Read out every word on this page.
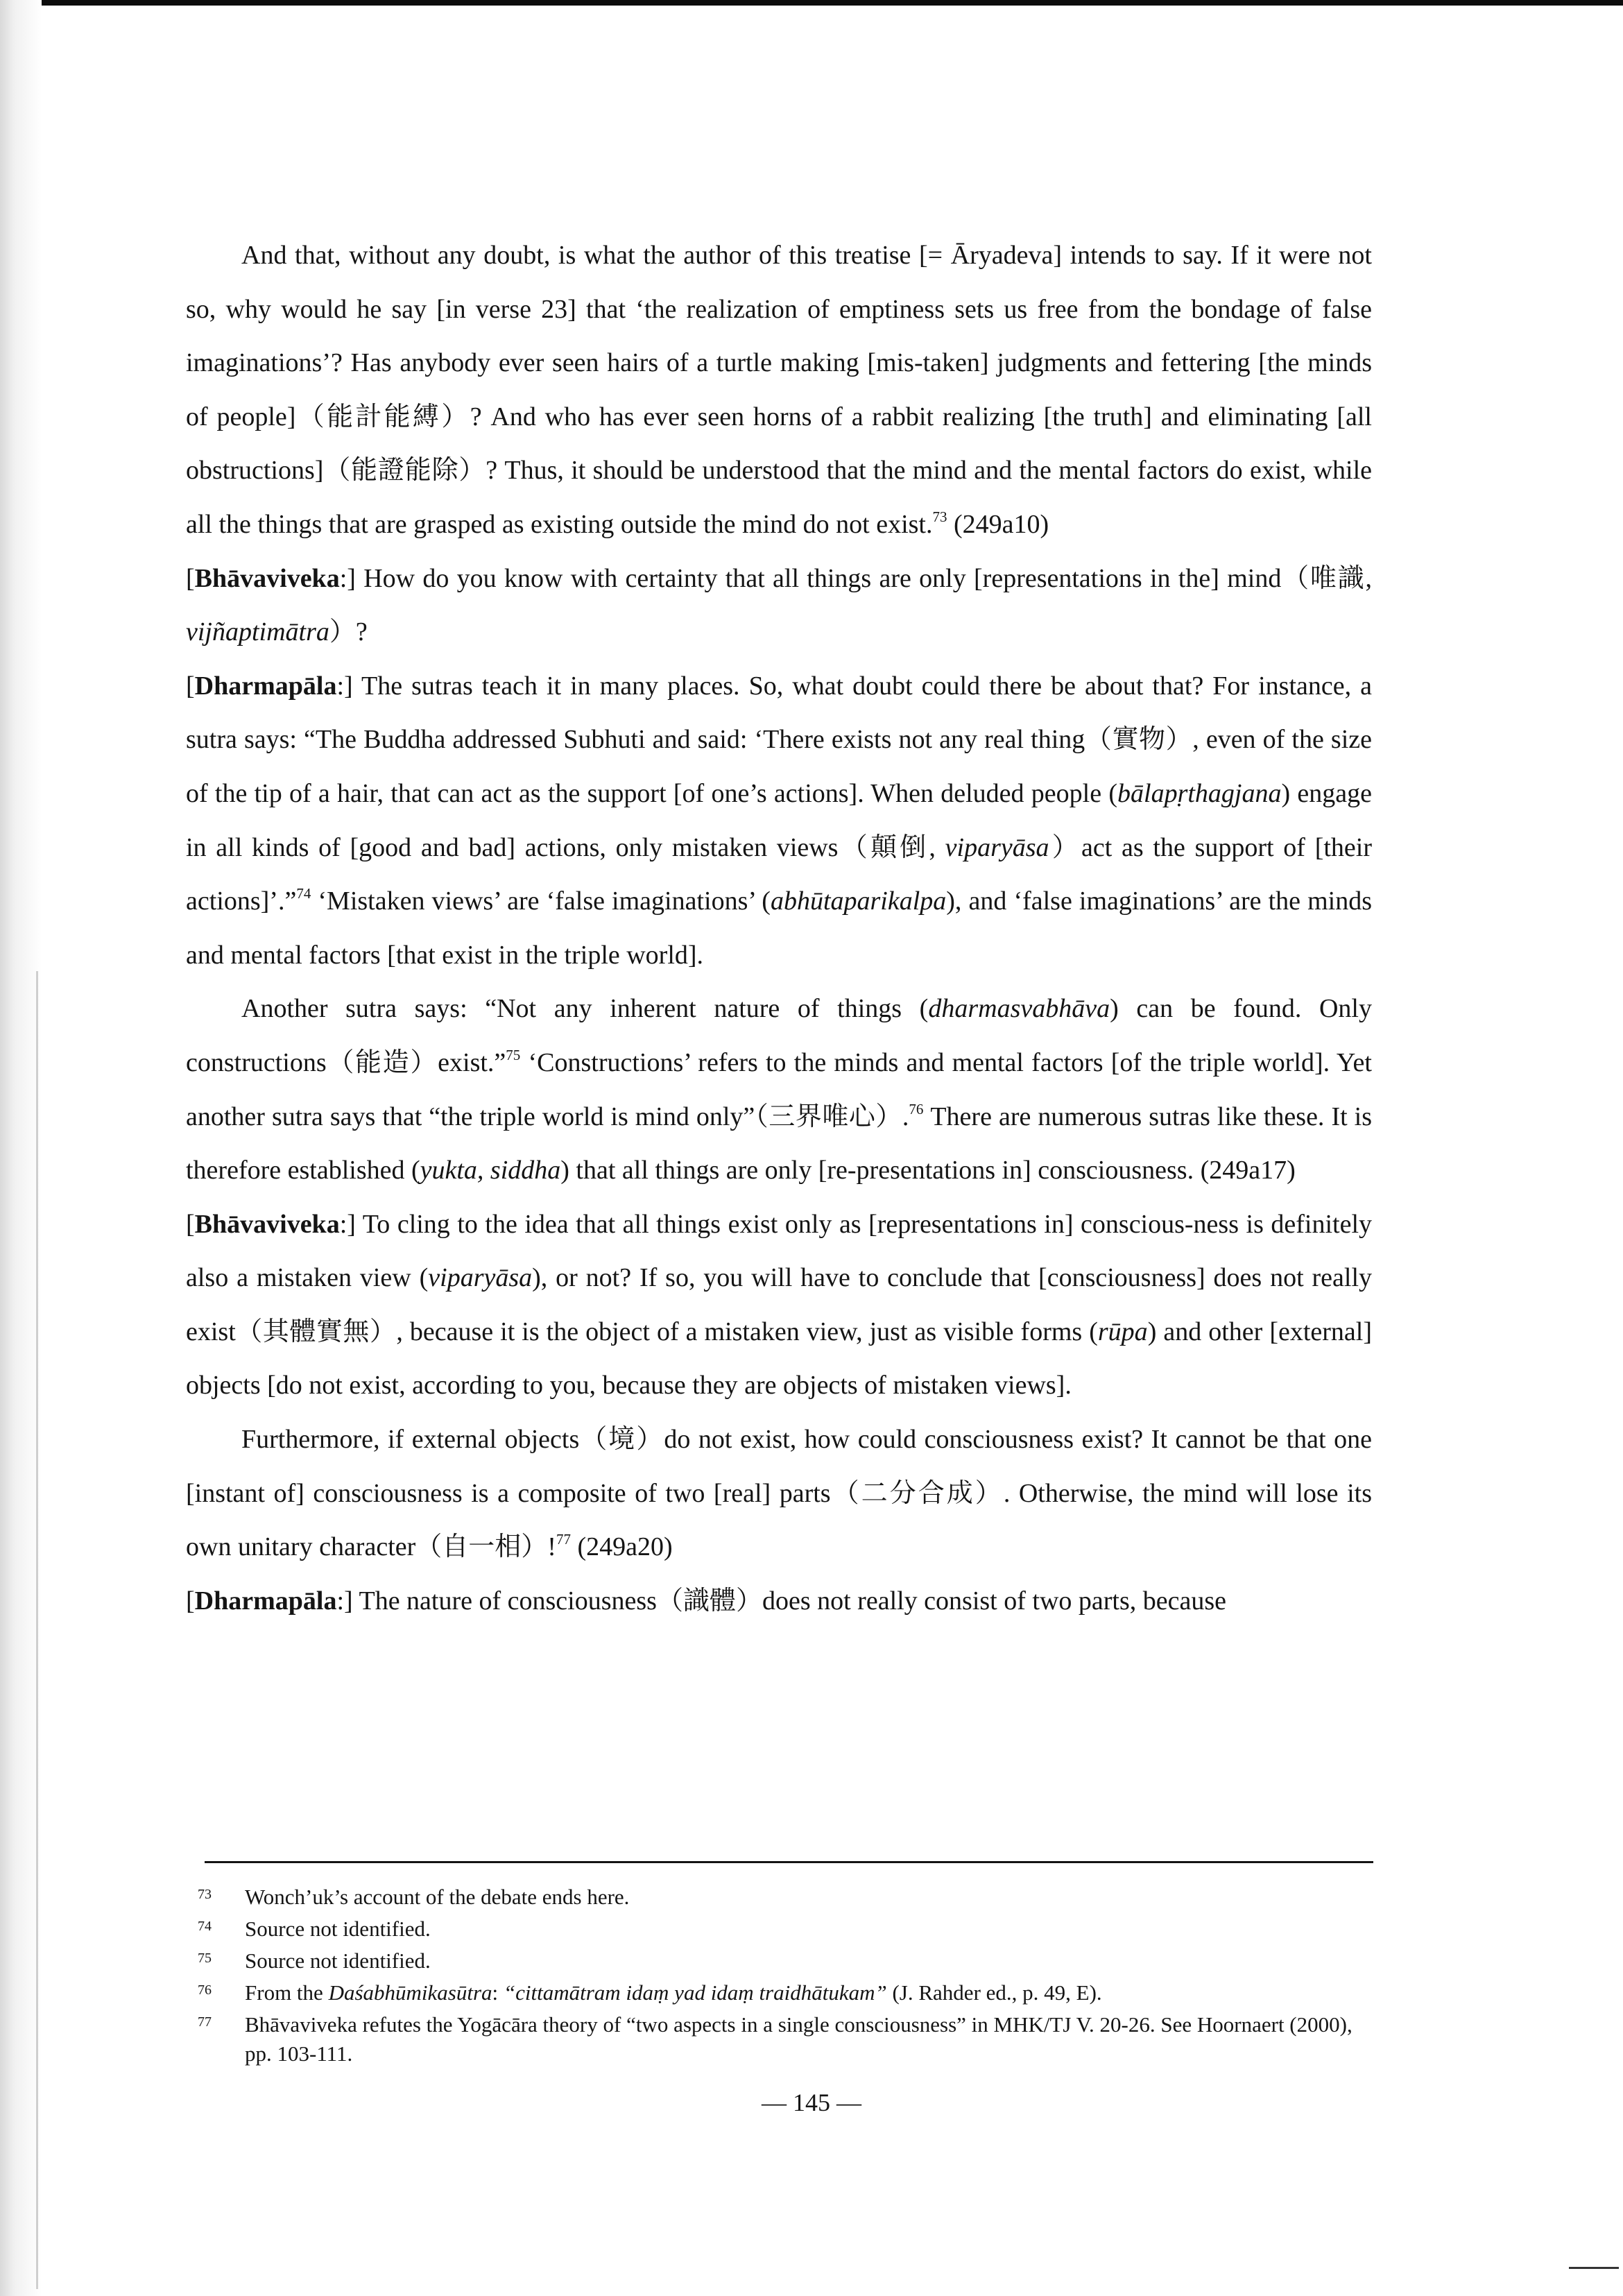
And that, without any doubt, is what the author of this treatise [= Āryadeva] intends to say. If it were not so, why would he say [in verse 23] that ‘the realization of emptiness sets us free from the bondage of false imaginations’? Has anybody ever seen hairs of a turtle making [mis-taken] judgments and fettering [the minds of people]（能計能縛）? And who has ever seen horns of a rabbit realizing [the truth] and eliminating [all obstructions]（能證能除）? Thus, it should be understood that the mind and the mental factors do exist, while all the things that are grasped as existing outside the mind do not exist.$^{73}$ (249a10)

[Bhāvaviveka:] How do you know with certainty that all things are only [representations in the] mind（唯識, vijñaptimātra）?

[Dharmapāla:] The sutras teach it in many places. So, what doubt could there be about that? For instance, a sutra says: “The Buddha addressed Subhuti and said: ‘There exists not any real thing（實物）, even of the size of the tip of a hair, that can act as the support [of one’s actions]. When deluded people (bālapṛthagjana) engage in all kinds of [good and bad] actions, only mistaken views（顛倒, viparyāsa）act as the support of [their actions]’.”$^{74}$ ‘Mistaken views’ are ‘false imaginations’ (abhūtaparikalpa), and ‘false imaginations’ are the minds and mental factors [that exist in the triple world].

Another sutra says: “Not any inherent nature of things (dharmasvabhāva) can be found. Only constructions（能造）exist.”$^{75}$ ‘Constructions’ refers to the minds and mental factors [of the triple world]. Yet another sutra says that “the triple world is mind only”（三界唯心）.$^{76}$ There are numerous sutras like these. It is therefore established (yukta, siddha) that all things are only [re-presentations in] consciousness. (249a17)

[Bhāvaviveka:] To cling to the idea that all things exist only as [representations in] conscious-ness is definitely also a mistaken view (viparyāsa), or not? If so, you will have to conclude that [consciousness] does not really exist（其體實無）, because it is the object of a mistaken view, just as visible forms (rūpa) and other [external] objects [do not exist, according to you, because they are objects of mistaken views].

Furthermore, if external objects（境）do not exist, how could consciousness exist? It cannot be that one [instant of] consciousness is a composite of two [real] parts（二分合成）. Otherwise, the mind will lose its own unitary character（自一相）!$^{77}$ (249a20)

[Dharmapāla:] The nature of consciousness（識體）does not really consist of two parts, because

73 Wonch’uk’s account of the debate ends here.

74 Source not identified.

75 Source not identified.

76 From the Daśabhūmikasūtra: “cittamātram idaṃ yad idaṃ traidhātukam” (J. Rahder ed., p. 49, E).

77 Bhāvaviveka refutes the Yogācāra theory of “two aspects in a single consciousness” in MHK/TJ V. 20-26. See Hoornaert (2000), pp. 103-111.

— 145 —
